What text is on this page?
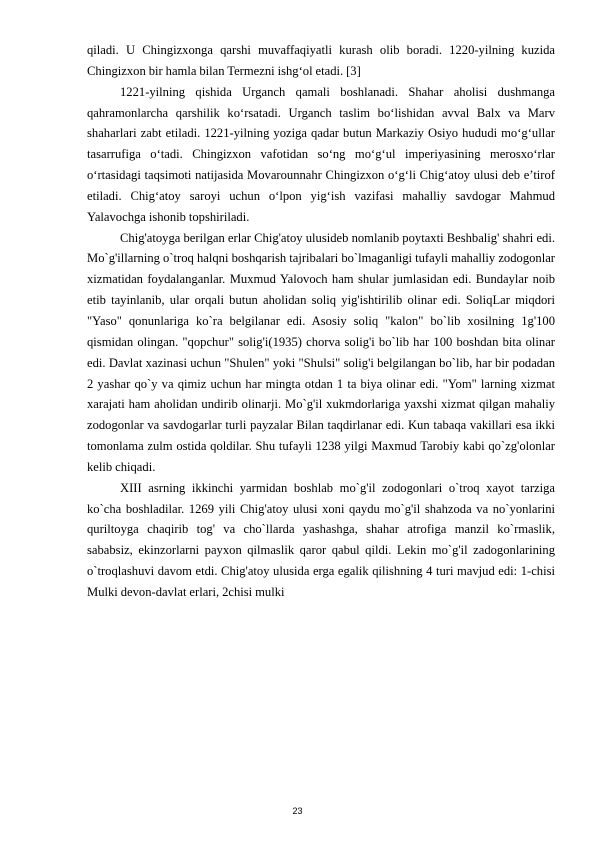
qiladi. U Chingizxonga qarshi muvaffaqiyatli kurash olib boradi. 1220-yilning kuzida Chingizxon bir hamla bilan Termezni ishg‘ol etadi. [3]

1221-yilning qishida Urganch qamali boshlanadi. Shahar aholisi dushmanga qahramonlarcha qarshilik ko‘rsatadi. Urganch taslim bo‘lishidan avval Balx va Marv shaharlari zabt etiladi. 1221-yilning yoziga qadar butun Markaziy Osiyo hududi mo‘g‘ullar tasarrufiga o‘tadi. Chingizxon vafotidan so‘ng mo‘g‘ul imperiyasining merosxo‘rlar o‘rtasidagi taqsimoti natijasida Movarounnahr Chingizxon o‘g‘li Chig‘atoy ulusi deb e’tirof etiladi. Chig‘atoy saroyi uchun o‘lpon yig‘ish vazifasi mahalliy savdogar Mahmud Yalavochga ishonib topshiriladi.

Chig'atoyga berilgan erlar Chig'atoy ulusideb nomlanib poytaxti Beshbalig' shahri edi. Mo`g'illarning o`troq halqni boshqarish tajribalari bo`lmaganligi tufayli mahalliy zodogonlar xizmatidan foydalanganlar. Muxmud Yalovoch ham shular jumlasidan edi. Bundaylar noib etib tayinlanib, ular orqali butun aholidan soliq yig'ishtirilib olinar edi. SoliqLar miqdori "Yaso" qonunlariga ko`ra belgilanar edi. Asosiy soliq "kalon" bo`lib xosilning 1g'100 qismidan olingan. "qopchur" solig'i(1935) chorva solig'i bo`lib har 100 boshdan bita olinar edi. Davlat xazinasi uchun "Shulen" yoki "Shulsi" solig'i belgilangan bo`lib, har bir podadan 2 yashar qo`y va qimiz uchun har mingta otdan 1 ta biya olinar edi. "Yom" larning xizmat xarajati ham aholidan undirib olinarji. Mo`g'il xukmdorlariga yaxshi xizmat qilgan mahaliy zodogonlar va savdogarlar turli payzalar Bilan taqdirlanar edi. Kun tabaqa vakillari esa ikki tomonlama zulm ostida qoldilar. Shu tufayli 1238 yilgi Maxmud Tarobiy kabi qo`zg'olonlar kelib chiqadi.

XIII asrning ikkinchi yarmidan boshlab mo`g'il zodogonlari o`troq xayot tarziga ko`cha boshladilar. 1269 yili Chig'atoy ulusi xoni qaydu mo`g'il shahzoda va no`yonlarini quriltoyga chaqirib tog' va cho`llarda yashashga, shahar atrofiga manzil ko`rmaslik, sababsiz, ekinzorlarni payxon qilmaslik qaror qabul qildi. Lekin mo`g'il zadogonlarining o`troqlashuvi davom etdi. Chig'atoy ulusida erga egalik qilishning 4 turi mavjud edi: 1-chisi Mulki devon-davlat erlari, 2chisi mulki

23
